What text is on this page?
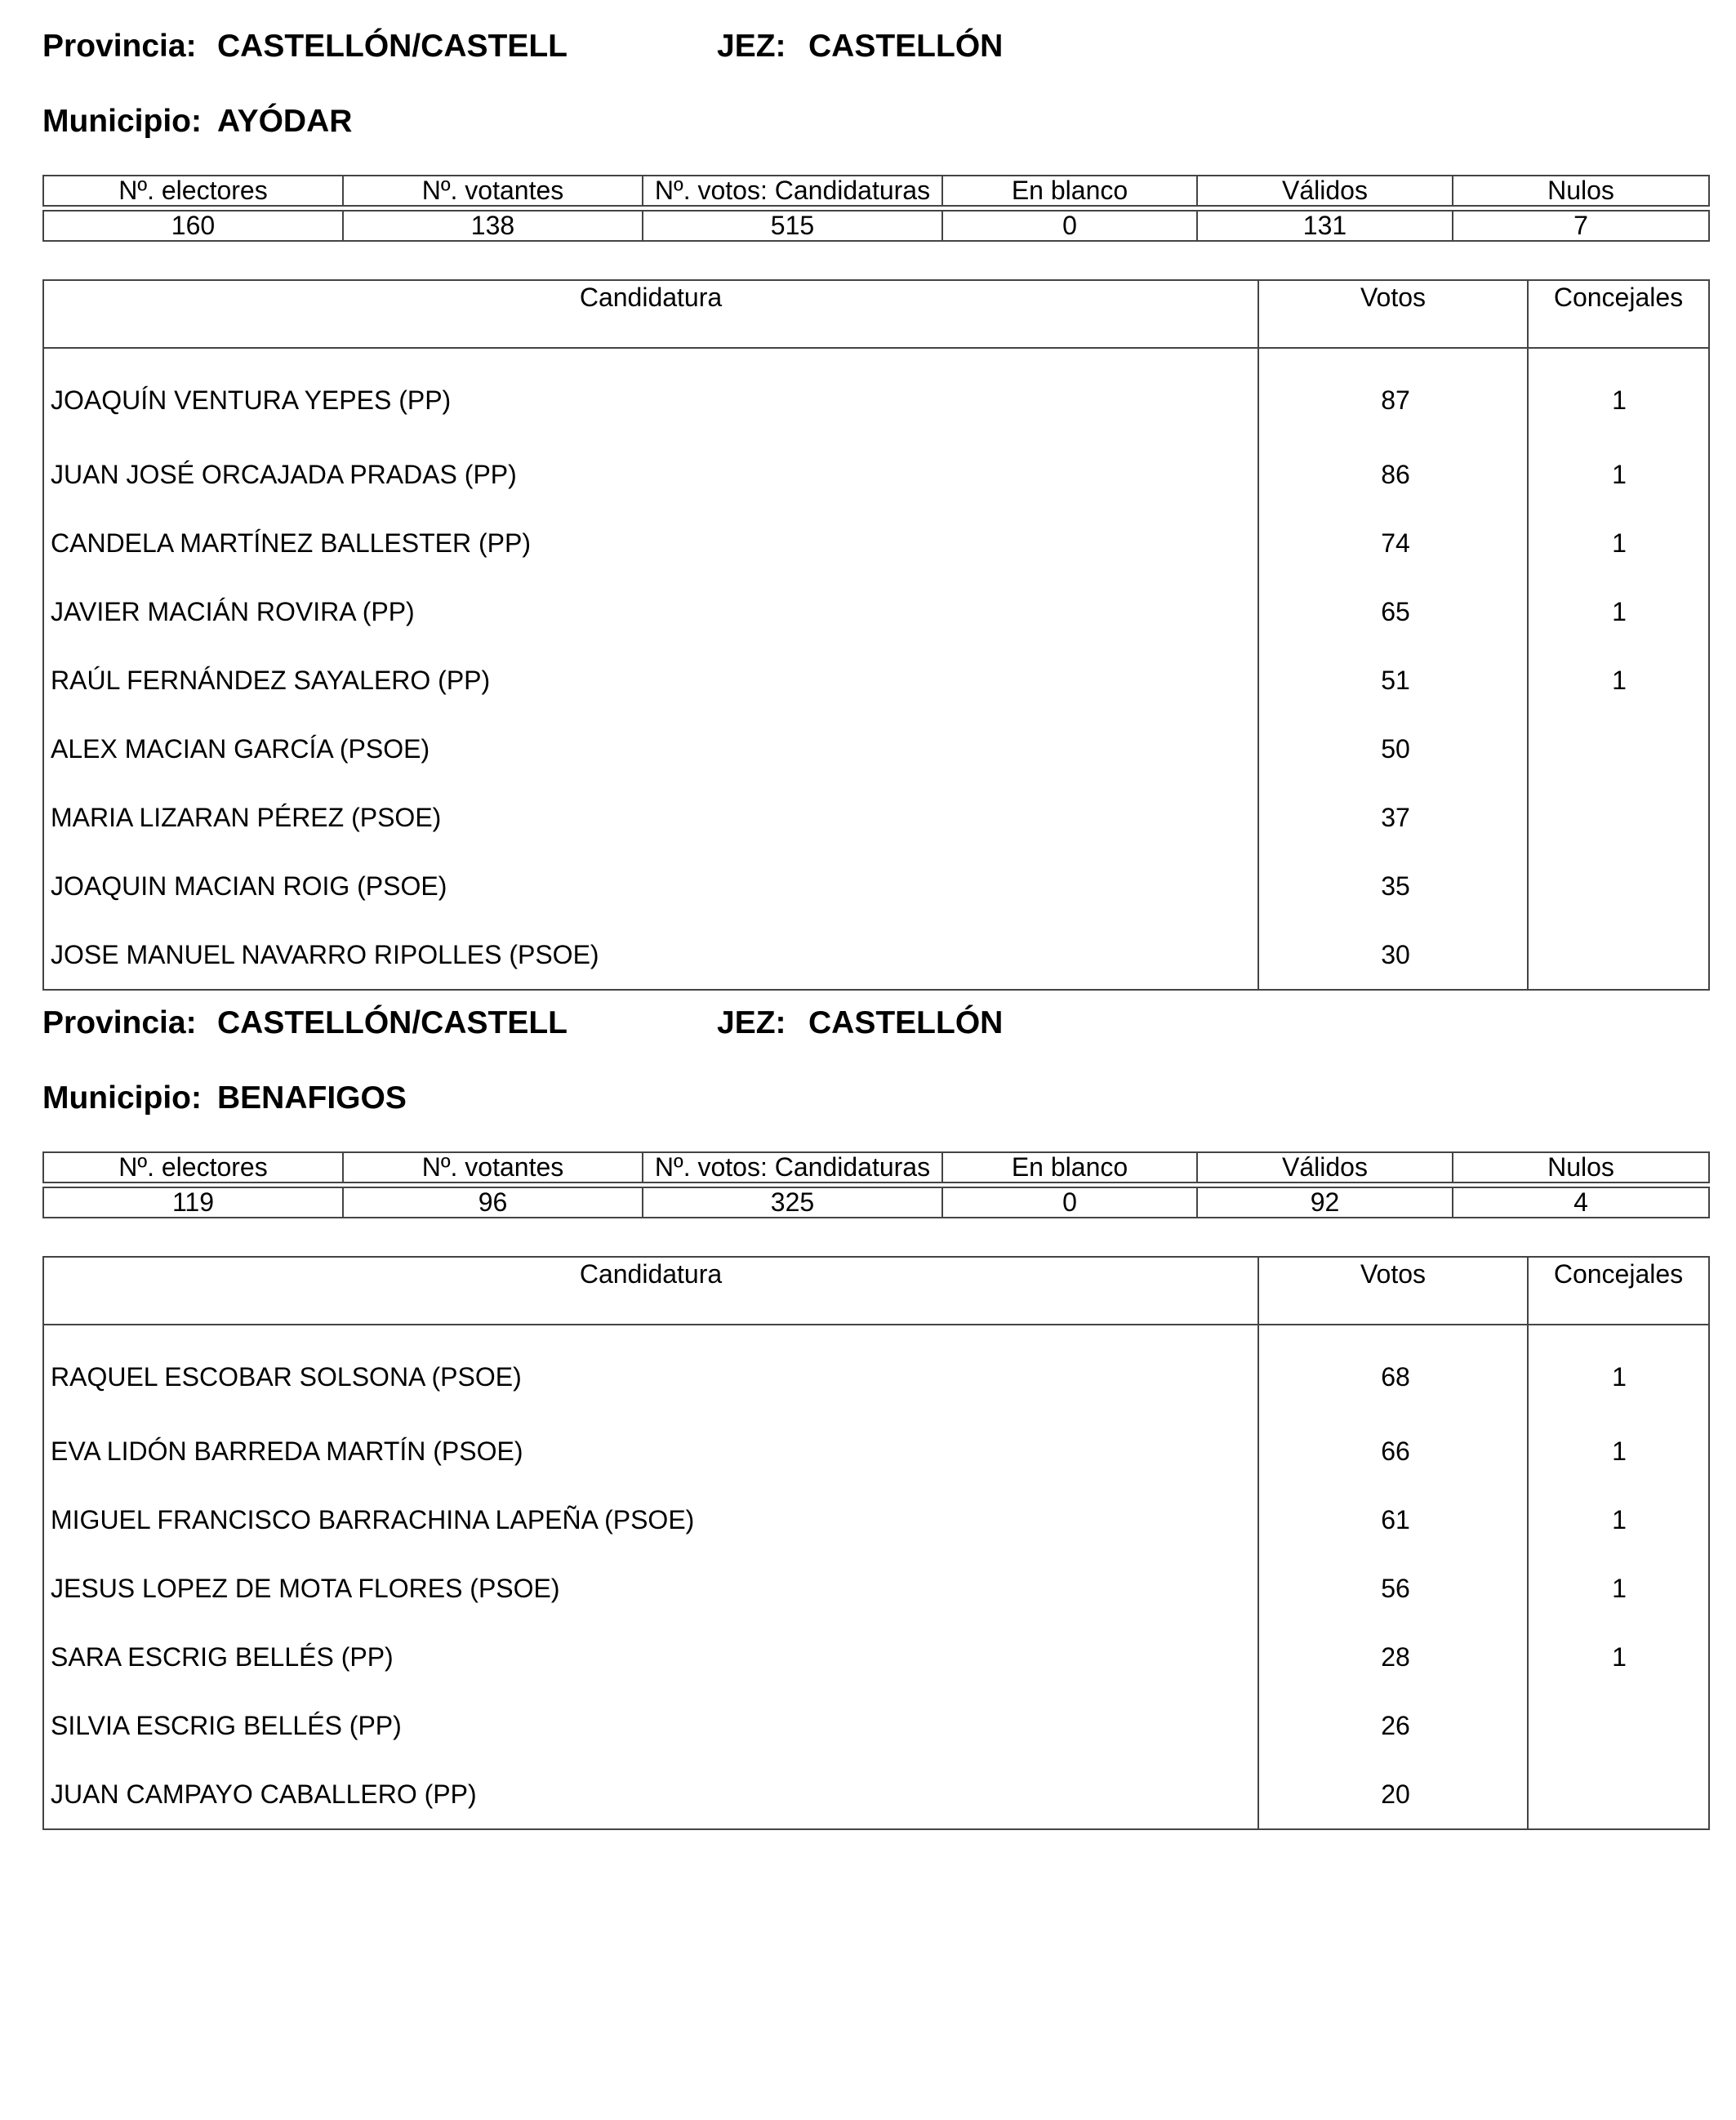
Provincia: CASTELLÓN/CASTELL	JEZ: CASTELLÓN
Municipio: AYÓDAR
Nº. electores	Nº. votantes	Nº. votos: Candidaturas	En blanco	Válidos	Nulos

160	138	515	0	131	7
Candidatura	Votos	Concejales
JOAQUÍN VENTURA YEPES (PP)	87	1
JUAN JOSÉ ORCAJADA PRADAS (PP)	86	1
CANDELA MARTÍNEZ BALLESTER (PP)	74	1
JAVIER MACIÁN ROVIRA (PP)	65	1
RAÚL FERNÁNDEZ SAYALERO (PP)	51	1
ALEX MACIAN GARCÍA (PSOE)	50	
MARIA LIZARAN PÉREZ (PSOE)	37	
JOAQUIN MACIAN ROIG (PSOE)	35	
JOSE MANUEL NAVARRO RIPOLLES (PSOE)	30	
Provincia: CASTELLÓN/CASTELL	JEZ: CASTELLÓN
Municipio: BENAFIGOS
Nº. electores	Nº. votantes	Nº. votos: Candidaturas	En blanco	Válidos	Nulos

119	96	325	0	92	4
Candidatura	Votos	Concejales
RAQUEL ESCOBAR SOLSONA (PSOE)	68	1
EVA LIDÓN BARREDA MARTÍN (PSOE)	66	1
MIGUEL FRANCISCO BARRACHINA LAPEÑA (PSOE)	61	1
JESUS LOPEZ DE MOTA FLORES (PSOE)	56	1
SARA ESCRIG BELLÉS (PP)	28	1
SILVIA ESCRIG BELLÉS (PP)	26	
JUAN CAMPAYO CABALLERO (PP)	20	
